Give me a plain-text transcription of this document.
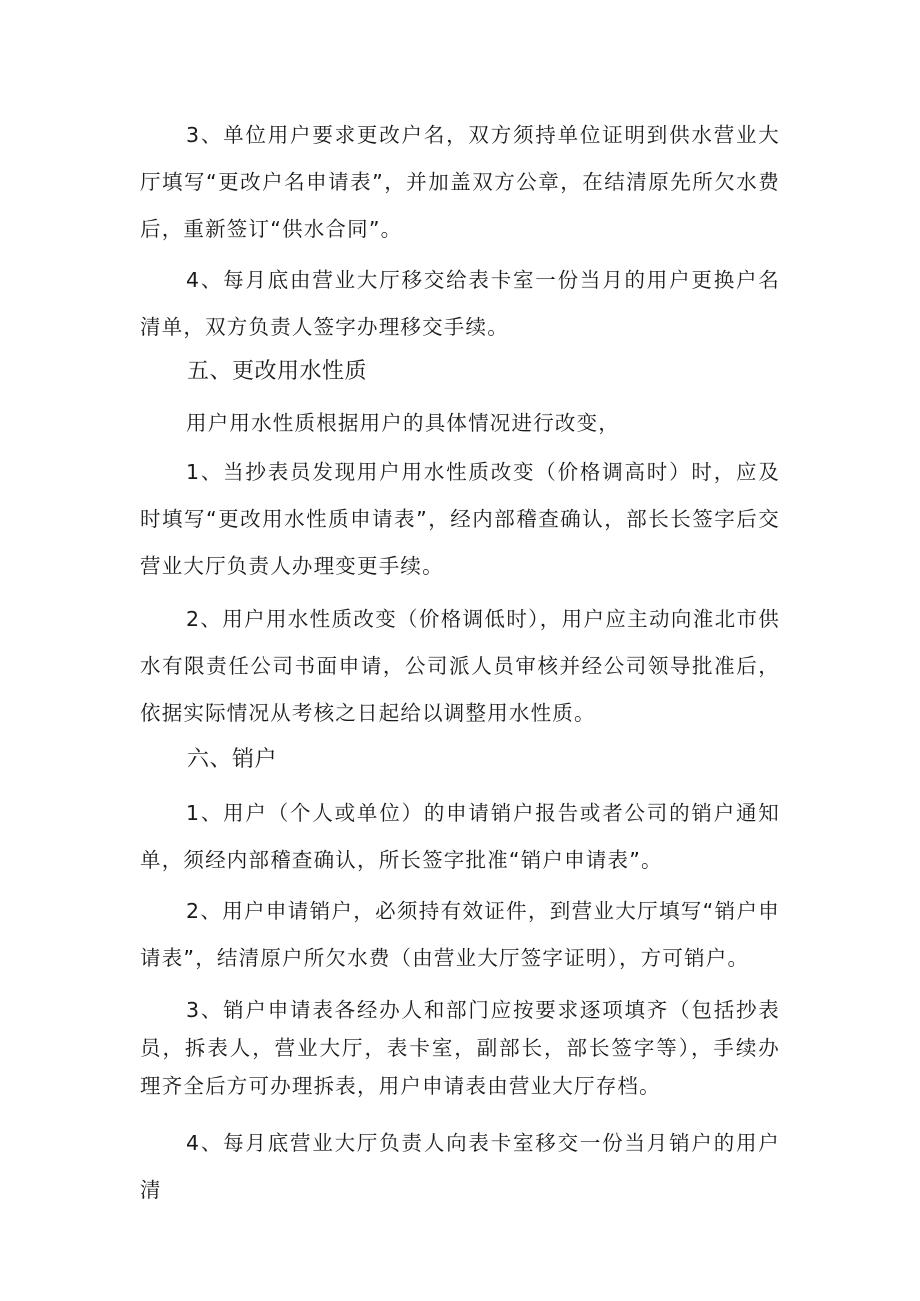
3、单位用户要求更改户名，双方须持单位证明到供水营业大厅填写“更改户名申请表”，并加盖双方公章，在结清原先所欠水费后，重新签订“供水合同”。

4、每月底由营业大厅移交给表卡室一份当月的用户更换户名清单，双方负责人签字办理移交手续。

五、更改用水性质

用户用水性质根据用户的具体情况进行改变，

1、当抄表员发现用户用水性质改变（价格调高时）时，应及时填写“更改用水性质申请表”，经内部稽查确认，部长长签字后交营业大厅负责人办理变更手续。

2、用户用水性质改变（价格调低时），用户应主动向淮北市供水有限责任公司书面申请，公司派人员审核并经公司领导批准后，依据实际情况从考核之日起给以调整用水性质。

六、销户

1、用户（个人或单位）的申请销户报告或者公司的销户通知单，须经内部稽查确认，所长签字批准“销户申请表”。

2、用户申请销户，必须持有效证件，到营业大厅填写“销户申请表”，结清原户所欠水费（由营业大厅签字证明），方可销户。

3、销户申请表各经办人和部门应按要求逐项填齐（包括抄表员，拆表人，营业大厅，表卡室，副部长，部长签字等），手续办理齐全后方可办理拆表，用户申请表由营业大厅存档。

4、每月底营业大厅负责人向表卡室移交一份当月销户的用户清
